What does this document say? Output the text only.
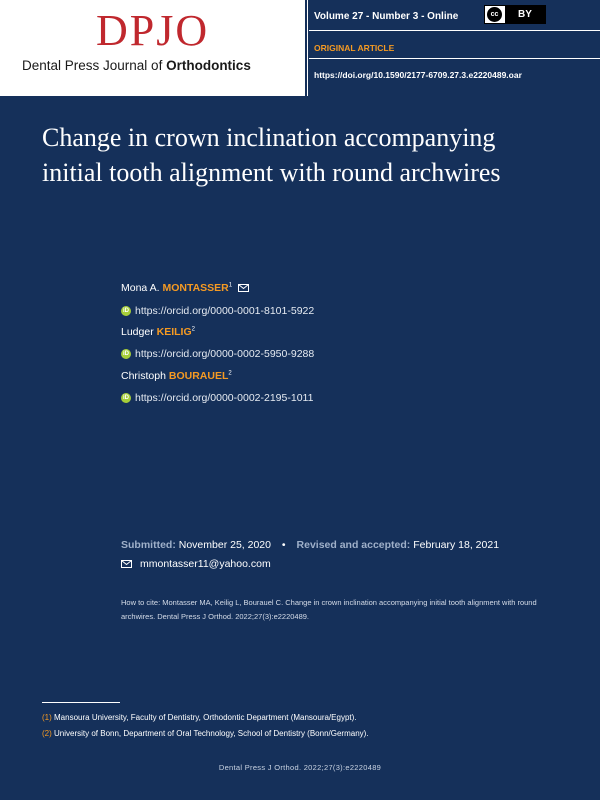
DPJO
Dental Press Journal of Orthodontics
Volume 27 - Number 3 - Online	cc	BY
ORIGINAL ARTICLE
https://doi.org/10.1590/2177-6709.27.3.e2220489.oar
Change in crown inclination accompanying initial tooth alignment with round archwires
Mona A. MONTASSER$^1$
iD https://orcid.org/0000-0001-8101-5922
Ludger KEILIG$^2$
iD https://orcid.org/0000-0002-5950-9288
Christoph BOURAUEL$^2$
iD https://orcid.org/0000-0002-2195-1011
Submitted: November 25, 2020 • Revised and accepted: February 18, 2021
mmontasser11@yahoo.com
How to cite: Montasser MA, Keilig L, Bourauel C. Change in crown inclination accompanying initial tooth alignment with round archwires. Dental Press J Orthod. 2022;27(3):e2220489.
(1) Mansoura University, Faculty of Dentistry, Orthodontic Department (Mansoura/Egypt).
(2) University of Bonn, Department of Oral Technology, School of Dentistry (Bonn/Germany).
Dental Press J Orthod. 2022;27(3):e2220489
